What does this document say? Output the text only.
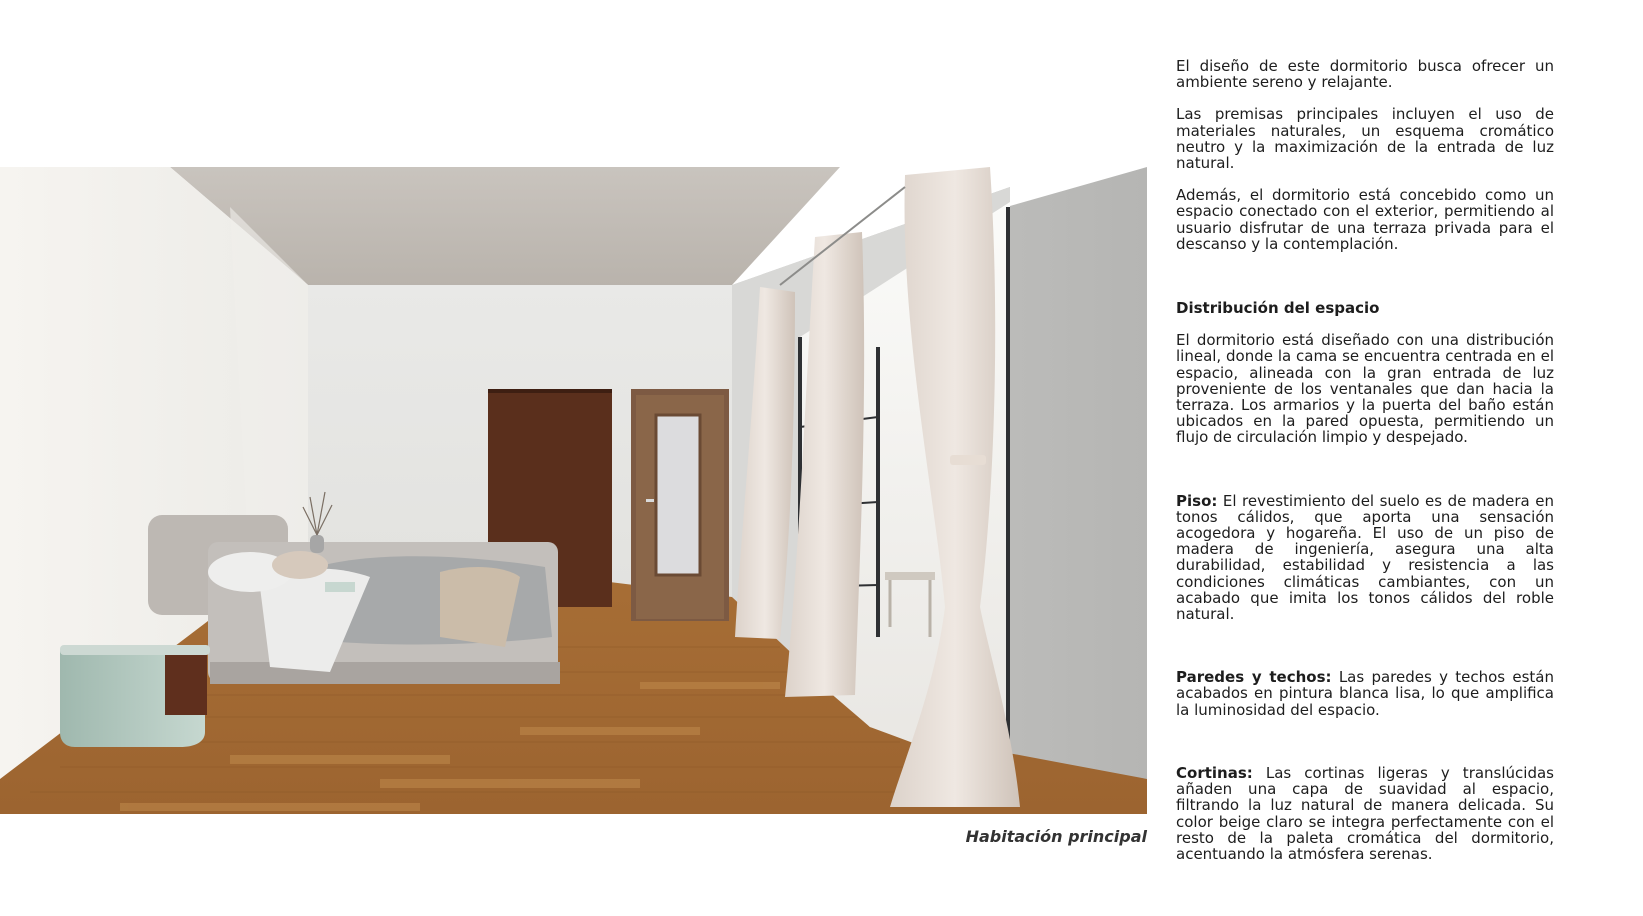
Habitación principal

El diseño de este dormitorio busca ofrecer un ambiente sereno y relajante.

Las premisas principales incluyen el uso de materiales naturales, un esquema cromático neutro y la maximización de la entrada de luz natural.

Además, el dormitorio está concebido como un espacio conectado con el exterior, permitiendo al usuario disfrutar de una terraza privada para el descanso y la contemplación.

Distribución del espacio

El dormitorio está diseñado con una distribución lineal, donde la cama se encuentra centrada en el espacio, alineada con la gran entrada de luz proveniente de los ventanales que dan hacia la terraza. Los armarios y la puerta del baño están ubicados en la pared opuesta, permitiendo un flujo de circulación limpio y despejado.

Piso: El revestimiento del suelo es de madera en tonos cálidos, que aporta una sensación acogedora y hogareña. El uso de un piso de madera de ingeniería, asegura una alta durabilidad, estabilidad y resistencia a las condiciones climáticas cambiantes, con un acabado que imita los tonos cálidos del roble natural.

Paredes y techos: Las paredes y techos están acabados en pintura blanca lisa, lo que amplifica la luminosidad del espacio.

Cortinas: Las cortinas ligeras y translúcidas añaden una capa de suavidad al espacio, filtrando la luz natural de manera delicada. Su color beige claro se integra perfectamente con el resto de la paleta cromática del dormitorio, acentuando la atmósfera serenas.
